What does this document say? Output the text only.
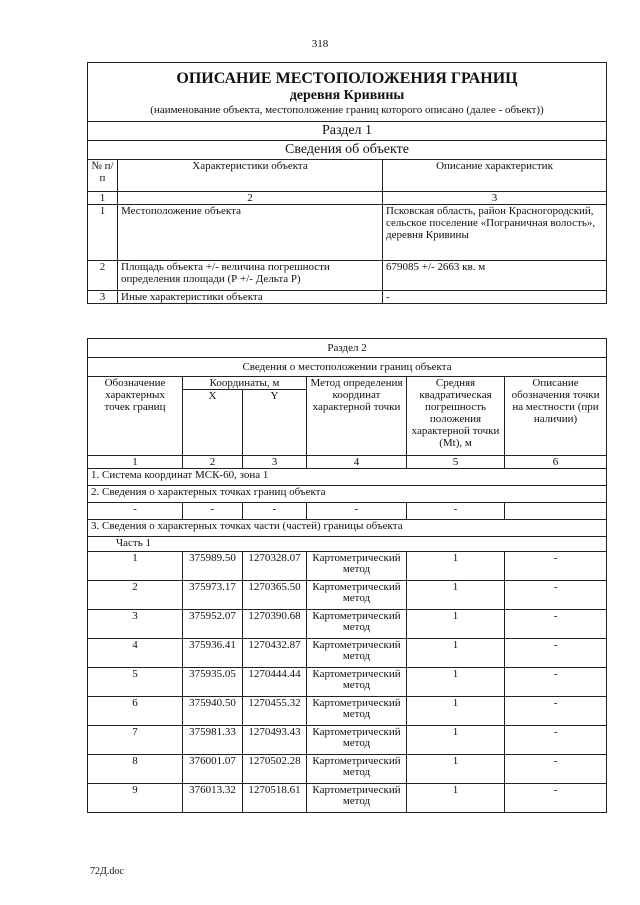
318
ОПИСАНИЕ МЕСТОПОЛОЖЕНИЯ ГРАНИЦ
деревня Кривины
(наименование объекта, местоположение границ которого описано (далее - объект))		

Раздел 1		
Сведения об объекте		
№ п/п	Характеристики объекта	Описание характеристик
1	2	3
1	Местоположение объекта	Псковская область, район Красногородский, сельское поселение «Пограничная волость», деревня Кривины
2	Площадь объекта +/- величина погрешности определения площади (Р +/- Дельта Р)	679085 +/- 2663 кв. м
3	Иные характеристики объекта	-
Раздел 2					
Сведения о местоположении границ объекта					
Обозначение характерных точек границ	Координаты, м		Метод определения координат характерной точки	Средняя квадратическая погрешность положения характерной точки (Mt), м	Описание обозначения точки на местности (при наличии)
	X	Y			
1	2	3	4	5	6
1. Система координат МСК-60, зона 1					
2. Сведения о характерных точках границ объекта					
-	-	-	-	-	
3. Сведения о характерных точках части (частей) границы объекта					
Часть 1					
1	375989.50	1270328.07	Картометрический метод	1	-
2	375973.17	1270365.50	Картометрический метод	1	-
3	375952.07	1270390.68	Картометрический метод	1	-
4	375936.41	1270432.87	Картометрический метод	1	-
5	375935.05	1270444.44	Картометрический метод	1	-
6	375940.50	1270455.32	Картометрический метод	1	-
7	375981.33	1270493.43	Картометрический метод	1	-
8	376001.07	1270502.28	Картометрический метод	1	-
9	376013.32	1270518.61	Картометрический метод	1	-
72Д.doc
